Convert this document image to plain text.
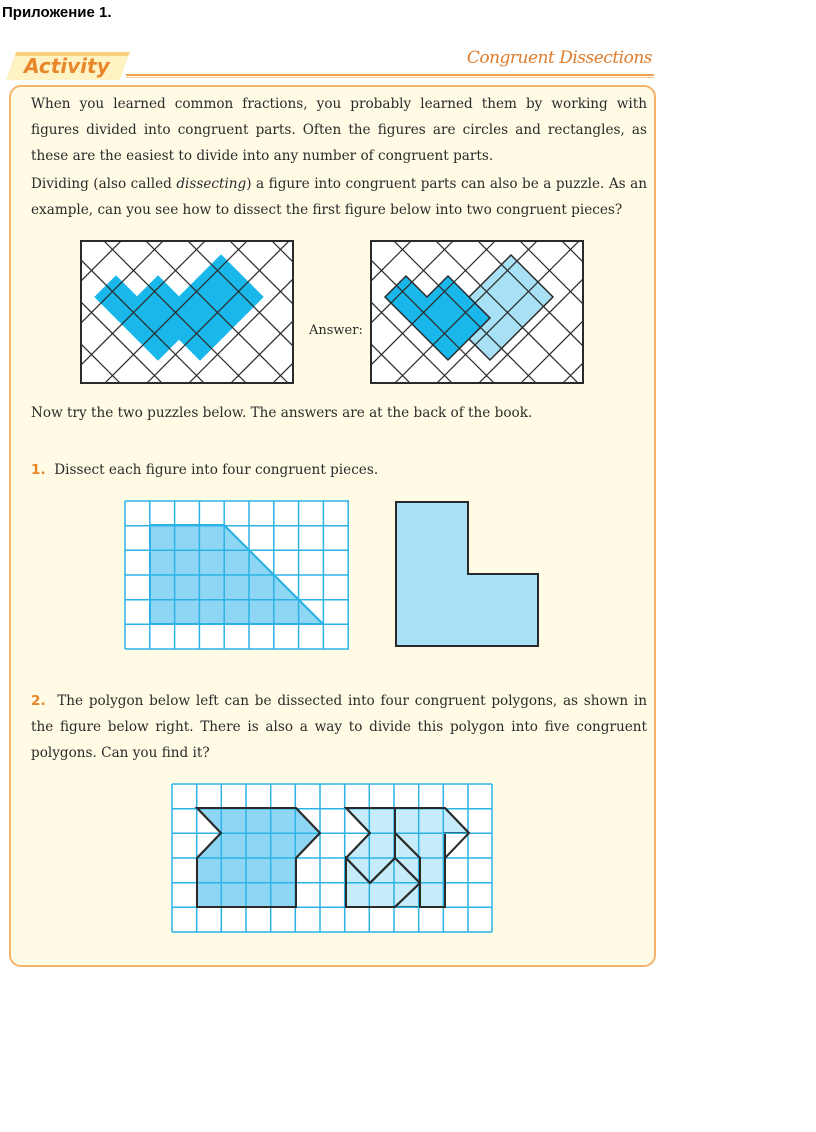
Приложение 1.
Activity	Congruent Dissections

When you learned common fractions, you probably learned them by working with figures divided into congruent parts. Often the figures are circles and rectangles, as these are the easiest to divide into any number of congruent parts.

Dividing (also called dissecting) a figure into congruent parts can also be a puzzle. As an example, can you see how to dissect the first figure below into two congruent pieces?

Answer:

Now try the two puzzles below. The answers are at the back of the book.

1. Dissect each figure into four congruent pieces.

2. The polygon below left can be dissected into four congruent polygons, as shown in the figure below right. There is also a way to divide this polygon into five congruent polygons. Can you find it?
